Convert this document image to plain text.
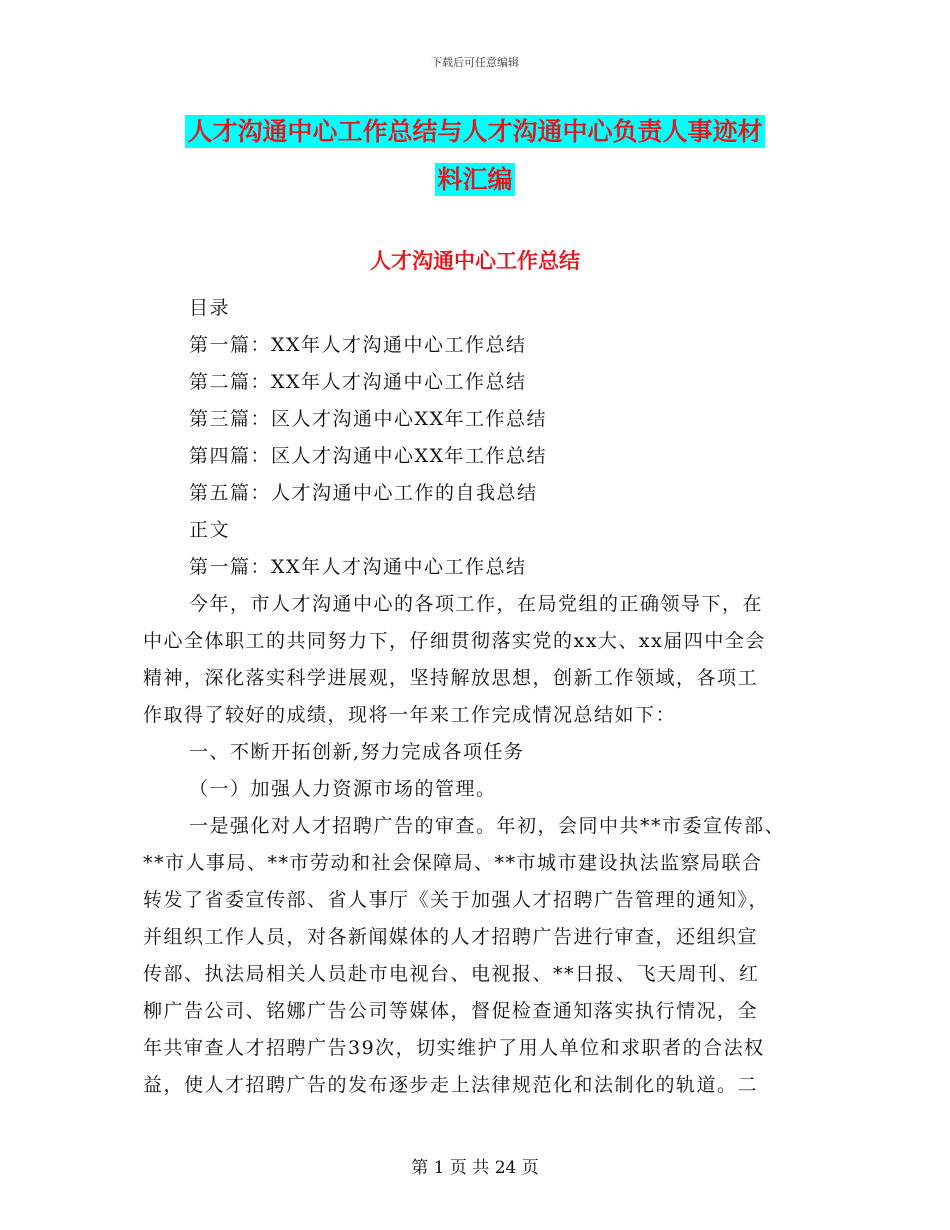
下载后可任意编辑
人才沟通中心工作总结与人才沟通中心负责人事迹材
料汇编
人才沟通中心工作总结
目录
第一篇：XX年人才沟通中心工作总结
第二篇：XX年人才沟通中心工作总结
第三篇：区人才沟通中心XX年工作总结
第四篇：区人才沟通中心XX年工作总结
第五篇：人才沟通中心工作的自我总结
正文
第一篇：XX年人才沟通中心工作总结
今年，市人才沟通中心的各项工作，在局党组的正确领导下，在
中心全体职工的共同努力下，仔细贯彻落实党的xx大、xx届四中全会
精神，深化落实科学进展观，坚持解放思想，创新工作领域，各项工
作取得了较好的成绩，现将一年来工作完成情况总结如下：
一、不断开拓创新,努力完成各项任务
（一）加强人力资源市场的管理。
一是强化对人才招聘广告的审查。年初，会同中共**市委宣传部、
**市人事局、**市劳动和社会保障局、**市城市建设执法监察局联合
转发了省委宣传部、省人事厅《关于加强人才招聘广告管理的通知》，
并组织工作人员，对各新闻媒体的人才招聘广告进行审查，还组织宣
传部、执法局相关人员赴市电视台、电视报、**日报、飞天周刊、红
柳广告公司、铭娜广告公司等媒体，督促检查通知落实执行情况，全
年共审查人才招聘广告39次，切实维护了用人单位和求职者的合法权
益，使人才招聘广告的发布逐步走上法律规范化和法制化的轨道。二
第 1 页 共 24 页
